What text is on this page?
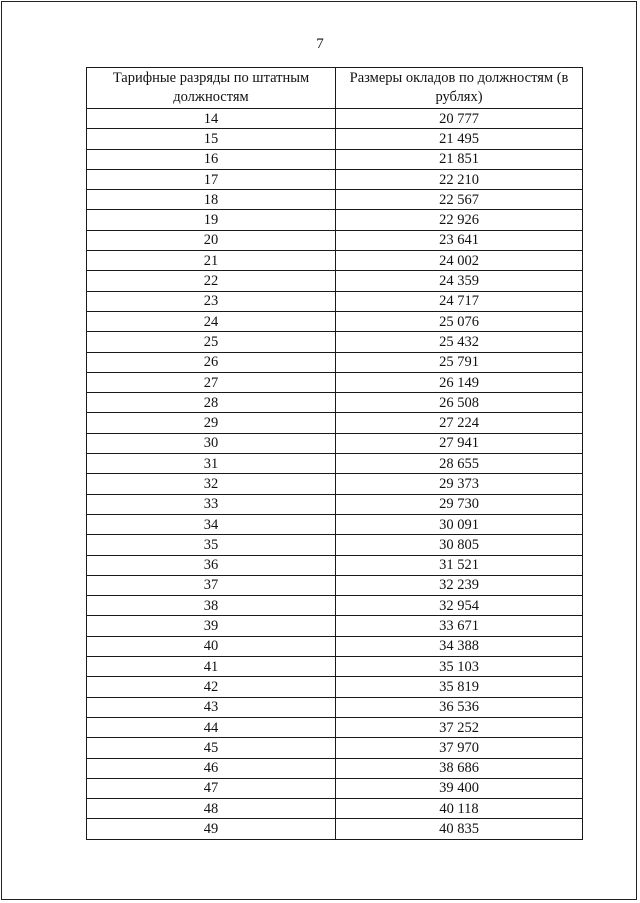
7
Тарифные разряды по штатным должностям	Размеры окладов по должностям (в рублях)
14	20 777
15	21 495
16	21 851
17	22 210
18	22 567
19	22 926
20	23 641
21	24 002
22	24 359
23	24 717
24	25 076
25	25 432
26	25 791
27	26 149
28	26 508
29	27 224
30	27 941
31	28 655
32	29 373
33	29 730
34	30 091
35	30 805
36	31 521
37	32 239
38	32 954
39	33 671
40	34 388
41	35 103
42	35 819
43	36 536
44	37 252
45	37 970
46	38 686
47	39 400
48	40 118
49	40 835
